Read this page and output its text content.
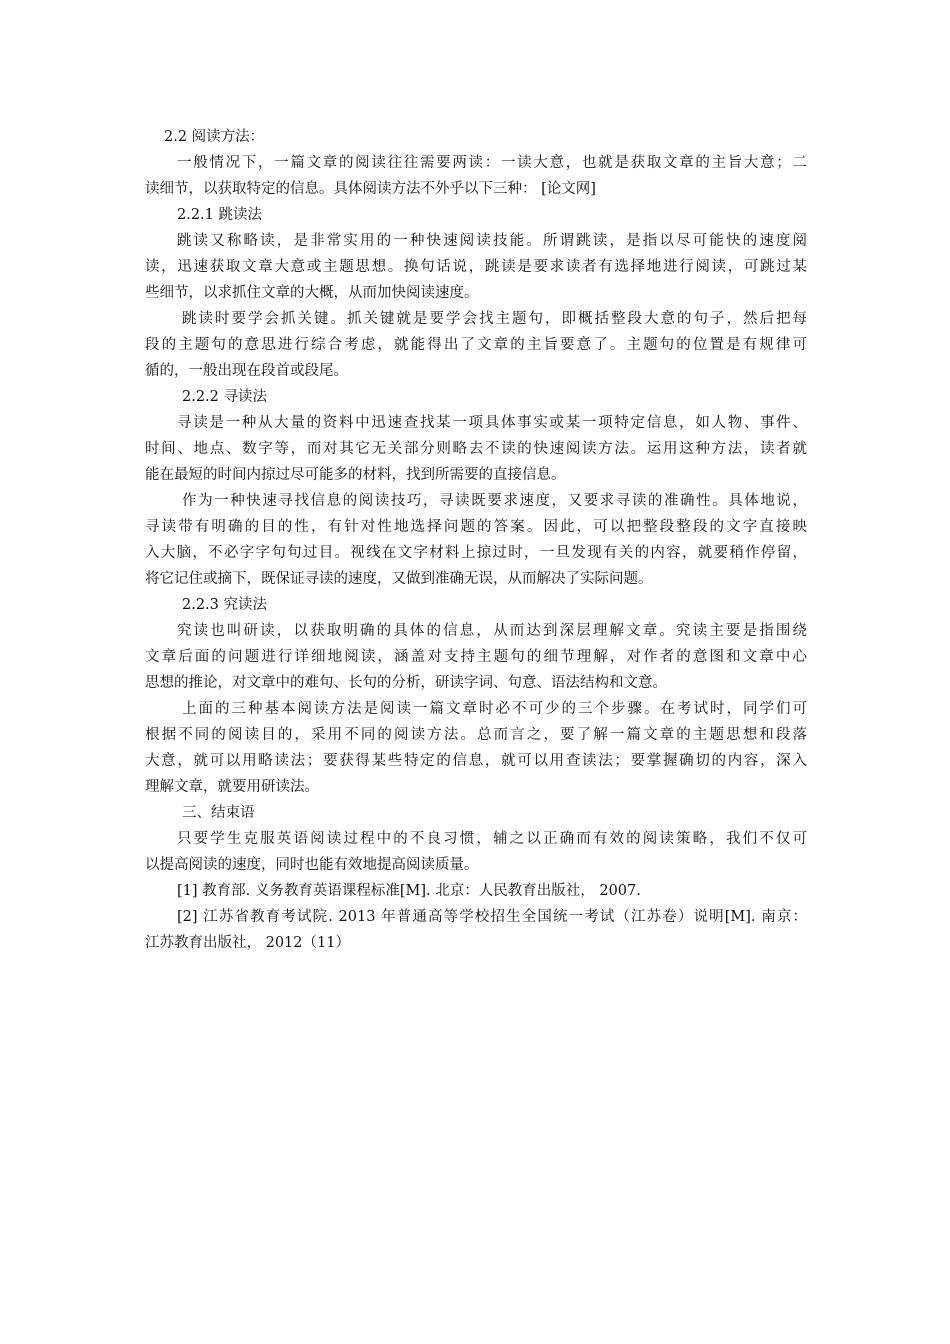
2.2 阅读方法：
一般情况下，一篇文章的阅读往往需要两读：一读大意，也就是获取文章的主旨大意；二
读细节，以获取特定的信息。具体阅读方法不外乎以下三种： [论文网]
2.2.1 跳读法
跳读又称略读，是非常实用的一种快速阅读技能。所谓跳读，是指以尽可能快的速度阅
读，迅速获取文章大意或主题思想。换句话说，跳读是要求读者有选择地进行阅读，可跳过某
些细节，以求抓住文章的大概，从而加快阅读速度。
跳读时要学会抓关键。抓关键就是要学会找主题句，即概括整段大意的句子，然后把每
段的主题句的意思进行综合考虑，就能得出了文章的主旨要意了。主题句的位置是有规律可
循的，一般出现在段首或段尾。
2.2.2 寻读法
寻读是一种从大量的资料中迅速查找某一项具体事实或某一项特定信息，如人物、事件、
时间、地点、数字等，而对其它无关部分则略去不读的快速阅读方法。运用这种方法，读者就
能在最短的时间内掠过尽可能多的材料，找到所需要的直接信息。
作为一种快速寻找信息的阅读技巧，寻读既要求速度，又要求寻读的准确性。具体地说，
寻读带有明确的目的性，有针对性地选择问题的答案。因此，可以把整段整段的文字直接映
入大脑，不必字字句句过目。视线在文字材料上掠过时，一旦发现有关的内容，就要稍作停留，
将它记住或摘下，既保证寻读的速度，又做到准确无误，从而解决了实际问题。
2.2.3 究读法
究读也叫研读，以获取明确的具体的信息，从而达到深层理解文章。究读主要是指围绕
文章后面的问题进行详细地阅读，涵盖对支持主题句的细节理解，对作者的意图和文章中心
思想的推论，对文章中的难句、长句的分析，研读字词、句意、语法结构和文意。
上面的三种基本阅读方法是阅读一篇文章时必不可少的三个步骤。在考试时，同学们可
根据不同的阅读目的，采用不同的阅读方法。总而言之，要了解一篇文章的主题思想和段落
大意，就可以用略读法；要获得某些特定的信息，就可以用查读法；要掌握确切的内容，深入
理解文章，就要用研读法。
三、结束语
只要学生克服英语阅读过程中的不良习惯，辅之以正确而有效的阅读策略，我们不仅可
以提高阅读的速度，同时也能有效地提高阅读质量。
[1] 教育部. 义务教育英语课程标准[M]. 北京：人民教育出版社， 2007.
[2] 江苏省教育考试院. 2013 年普通高等学校招生全国统一考试（江苏卷）说明[M]. 南京：
江苏教育出版社， 2012（11）
